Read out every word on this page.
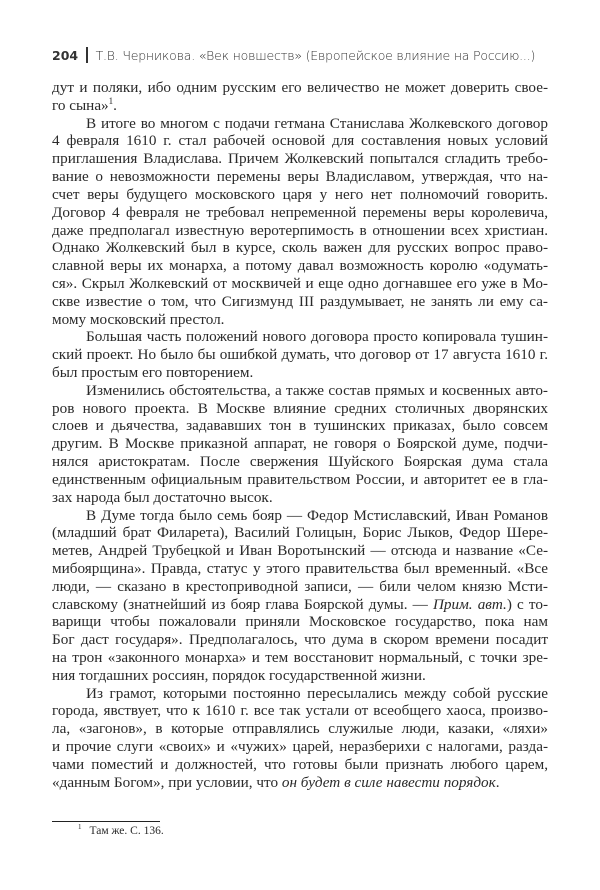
204 Т.В. Черникова. «Век новшеств» (Европейское влияние на Россию...)
дут и поляки, ибо одним русским его величество не может доверить свое-
го сына»$^1$.
В итоге во многом с подачи гетмана Станислава Жолкевского договор
4 февраля 1610 г. стал рабочей основой для составления новых условий
приглашения Владислава. Причем Жолкевский попытался сгладить требо-
вание о невозможности перемены веры Владиславом, утверждая, что на-
счет веры будущего московского царя у него нет полномочий говорить.
Договор 4 февраля не требовал непременной перемены веры королевича,
даже предполагал известную веротерпимость в отношении всех христиан.
Однако Жолкевский был в курсе, сколь важен для русских вопрос право-
славной веры их монарха, а потому давал возможность королю «одумать-
ся». Скрыл Жолкевский от москвичей и еще одно догнавшее его уже в Мо-
скве известие о том, что Сигизмунд III раздумывает, не занять ли ему са-
мому московский престол.
Большая часть положений нового договора просто копировала тушин-
ский проект. Но было бы ошибкой думать, что договор от 17 августа 1610 г.
был простым его повторением.
Изменились обстоятельства, а также состав прямых и косвенных авто-
ров нового проекта. В Москве влияние средних столичных дворянских
слоев и дьячества, задававших тон в тушинских приказах, было совсем
другим. В Москве приказной аппарат, не говоря о Боярской думе, подчи-
нялся аристократам. После свержения Шуйского Боярская дума стала
единственным официальным правительством России, и авторитет ее в гла-
зах народа был достаточно высок.
В Думе тогда было семь бояр — Федор Мстиславский, Иван Романов
(младший брат Филарета), Василий Голицын, Борис Лыков, Федор Шере-
метев, Андрей Трубецкой и Иван Воротынский — отсюда и название «Се-
мибоярщина». Правда, статус у этого правительства был временный. «Все
люди, — сказано в крестоприводной записи, — били челом князю Мсти-
славскому (знатнейший из бояр глава Боярской думы. — Прим. авт.) с то-
варищи чтобы пожаловали приняли Московское государство, пока нам
Бог даст государя». Предполагалось, что дума в скором времени посадит
на трон «законного монарха» и тем восстановит нормальный, с точки зре-
ния тогдашних россиян, порядок государственной жизни.
Из грамот, которыми постоянно пересылались между собой русские
города, явствует, что к 1610 г. все так устали от всеобщего хаоса, произво-
ла, «загонов», в которые отправлялись служилые люди, казаки, «ляхи»
и прочие слуги «своих» и «чужих» царей, неразберихи с налогами, разда-
чами поместий и должностей, что готовы были признать любого царем,
«данным Богом», при условии, что он будет в силе навести порядок.
$^1$ Там же. С. 136.
